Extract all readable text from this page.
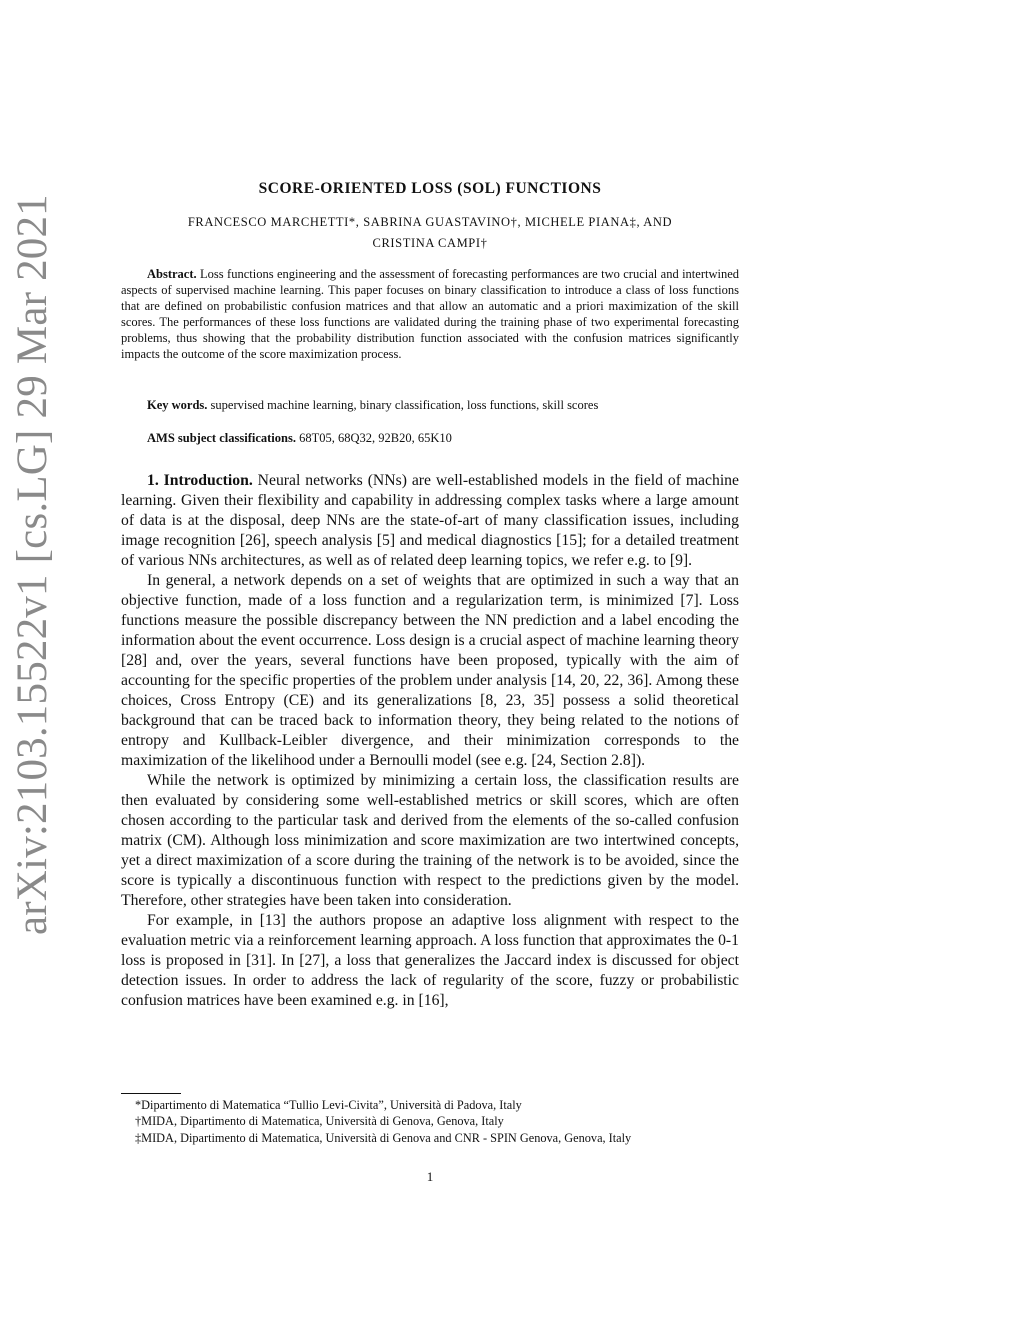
arXiv:2103.15522v1 [cs.LG] 29 Mar 2021
SCORE-ORIENTED LOSS (SOL) FUNCTIONS
FRANCESCO MARCHETTI*, SABRINA GUASTAVINO†, MICHELE PIANA‡, AND
CRISTINA CAMPI†
Abstract. Loss functions engineering and the assessment of forecasting performances are two crucial and intertwined aspects of supervised machine learning. This paper focuses on binary classification to introduce a class of loss functions that are defined on probabilistic confusion matrices and that allow an automatic and a priori maximization of the skill scores. The performances of these loss functions are validated during the training phase of two experimental forecasting problems, thus showing that the probability distribution function associated with the confusion matrices significantly impacts the outcome of the score maximization process.
Key words. supervised machine learning, binary classification, loss functions, skill scores
AMS subject classifications. 68T05, 68Q32, 92B20, 65K10

1. Introduction. Neural networks (NNs) are well-established models in the field of machine learning. Given their flexibility and capability in addressing complex tasks where a large amount of data is at the disposal, deep NNs are the state-of-art of many classification issues, including image recognition [26], speech analysis [5] and medical diagnostics [15]; for a detailed treatment of various NNs architectures, as well as of related deep learning topics, we refer e.g. to [9].

In general, a network depends on a set of weights that are optimized in such a way that an objective function, made of a loss function and a regularization term, is minimized [7]. Loss functions measure the possible discrepancy between the NN prediction and a label encoding the information about the event occurrence. Loss design is a crucial aspect of machine learning theory [28] and, over the years, several functions have been proposed, typically with the aim of accounting for the specific properties of the problem under analysis [14, 20, 22, 36]. Among these choices, Cross Entropy (CE) and its generalizations [8, 23, 35] possess a solid theoretical background that can be traced back to information theory, they being related to the notions of entropy and Kullback-Leibler divergence, and their minimization corresponds to the maximization of the likelihood under a Bernoulli model (see e.g. [24, Section 2.8]).

While the network is optimized by minimizing a certain loss, the classification results are then evaluated by considering some well-established metrics or skill scores, which are often chosen according to the particular task and derived from the elements of the so-called confusion matrix (CM). Although loss minimization and score maximization are two intertwined concepts, yet a direct maximization of a score during the training of the network is to be avoided, since the score is typically a discontinuous function with respect to the predictions given by the model. Therefore, other strategies have been taken into consideration.

For example, in [13] the authors propose an adaptive loss alignment with respect to the evaluation metric via a reinforcement learning approach. A loss function that approximates the 0-1 loss is proposed in [31]. In [27], a loss that generalizes the Jaccard index is discussed for object detection issues. In order to address the lack of regularity of the score, fuzzy or probabilistic confusion matrices have been examined e.g. in [16],

*Dipartimento di Matematica “Tullio Levi-Civita”, Università di Padova, Italy
†MIDA, Dipartimento di Matematica, Università di Genova, Genova, Italy
‡MIDA, Dipartimento di Matematica, Università di Genova and CNR - SPIN Genova, Genova, Italy
1
